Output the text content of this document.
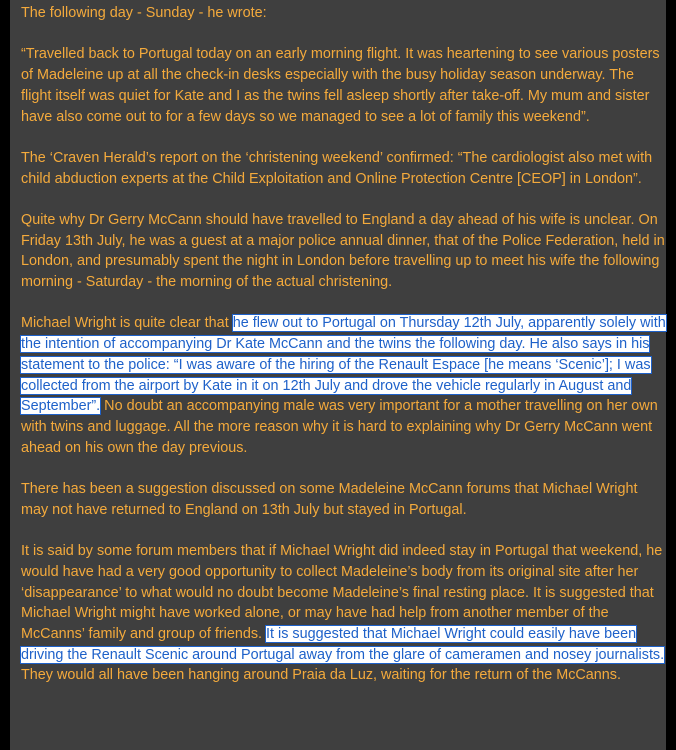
The following day - Sunday - he wrote:

“Travelled back to Portugal today on an early morning flight. It was heartening to see various posters of Madeleine up at all the check-in desks especially with the busy holiday season underway. The flight itself was quiet for Kate and I as the twins fell asleep shortly after take-off. My mum and sister have also come out to for a few days so we managed to see a lot of family this weekend”.

The ‘Craven Herald’s report on the ‘christening weekend’ confirmed: “The cardiologist also met with child abduction experts at the Child Exploitation and Online Protection Centre [CEOP] in London”.

Quite why Dr Gerry McCann should have travelled to England a day ahead of his wife is unclear. On Friday 13th July, he was a guest at a major police annual dinner, that of the Police Federation, held in London, and presumably spent the night in London before travelling up to meet his wife the following morning - Saturday - the morning of the actual christening.

Michael Wright is quite clear that he flew out to Portugal on Thursday 12th July, apparently solely with the intention of accompanying Dr Kate McCann and the twins the following day. He also says in his statement to the police: “I was aware of the hiring of the Renault Espace [he means ‘Scenic’]; I was collected from the airport by Kate in it on 12th July and drove the vehicle regularly in August and September”. No doubt an accompanying male was very important for a mother travelling on her own with twins and luggage. All the more reason why it is hard to explaining why Dr Gerry McCann went ahead on his own the day previous.

There has been a suggestion discussed on some Madeleine McCann forums that Michael Wright may not have returned to England on 13th July but stayed in Portugal.

It is said by some forum members that if Michael Wright did indeed stay in Portugal that weekend, he would have had a very good opportunity to collect Madeleine’s body from its original site after her ‘disappearance’ to what would no doubt become Madeleine’s final resting place. It is suggested that Michael Wright might have worked alone, or may have had help from another member of the McCanns’ family and group of friends. It is suggested that Michael Wright could easily have been driving the Renault Scenic around Portugal away from the glare of cameramen and nosey journalists. They would all have been hanging around Praia da Luz, waiting for the return of the McCanns.
